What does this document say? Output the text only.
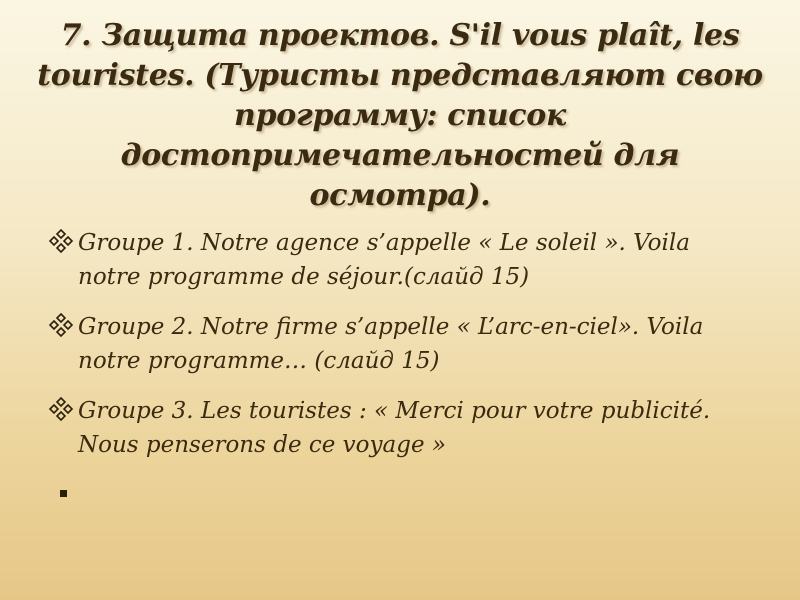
7. Защита проектов. S'il vous plaît, les touristes. (Туристы представляют свою программу: список достопримечательностей для осмотра).
Groupe 1. Notre agence s’appelle « Le soleil ». Voila notre programme de séjour.(слайд 15)
Groupe 2. Notre firme s’appelle « L’arc-en-ciel». Voila notre programme… (слайд 15)
Groupe 3. Les touristes : « Merci pour votre publicité. Nous penserons de ce voyage »
